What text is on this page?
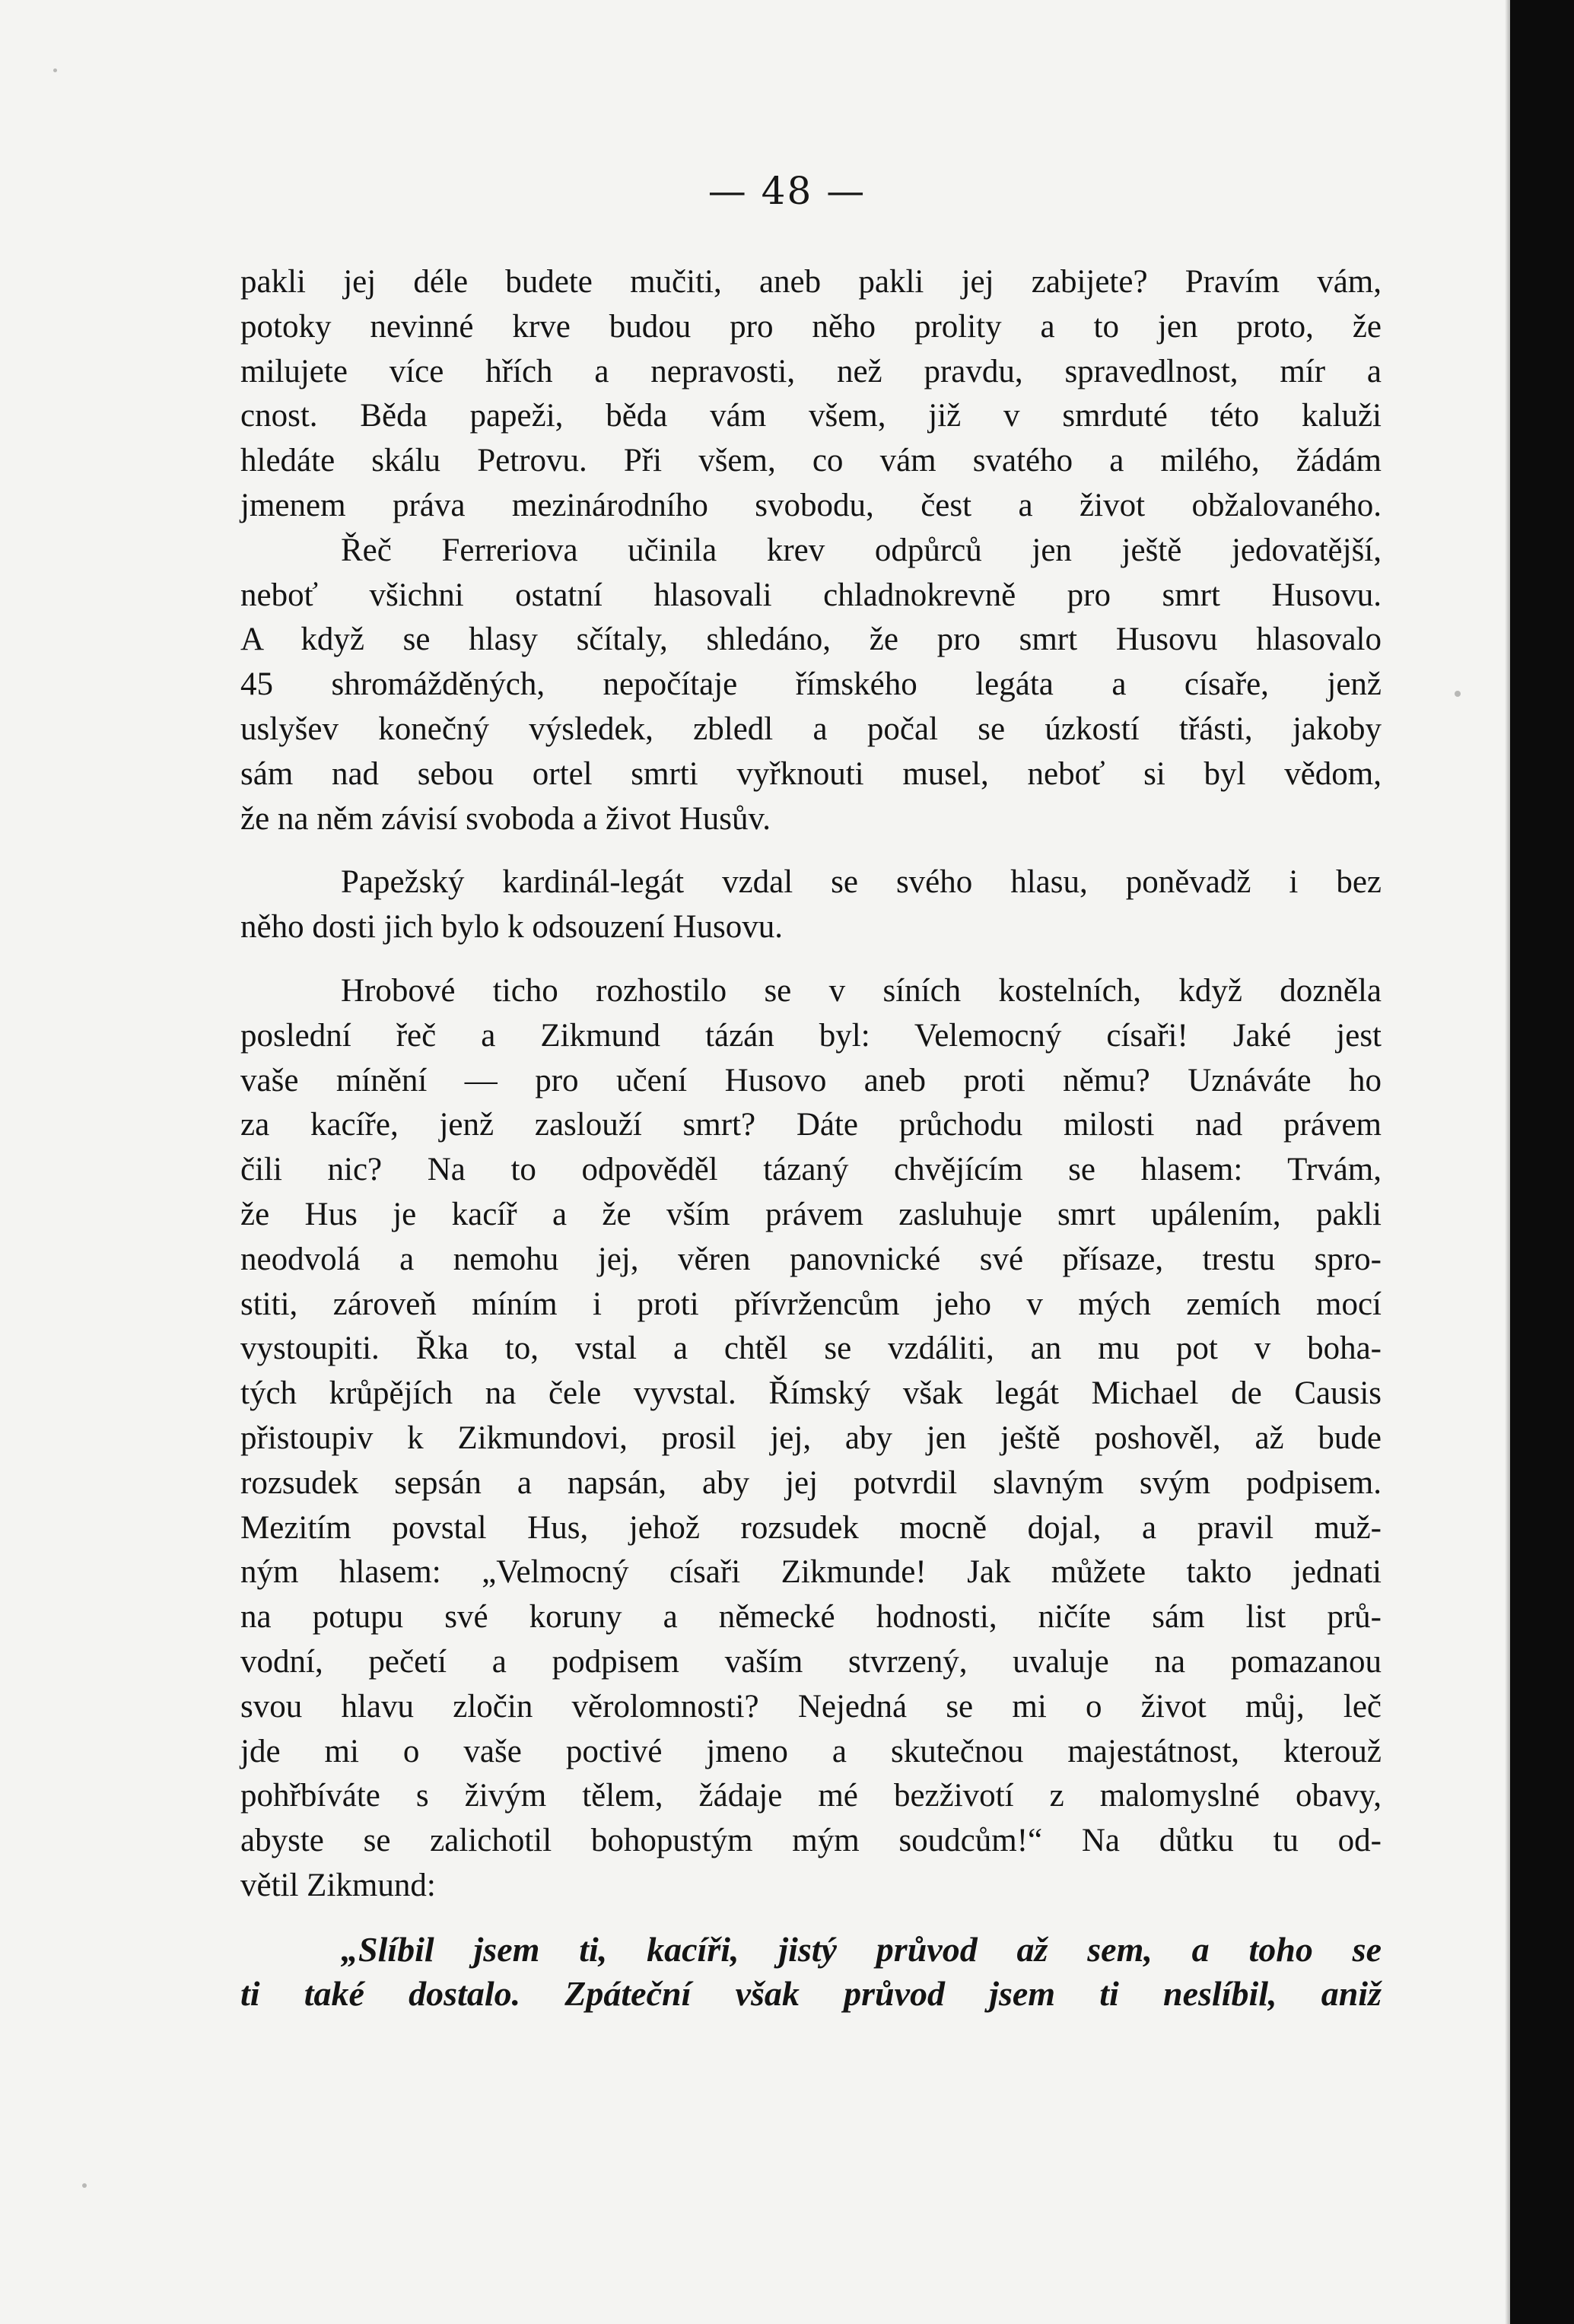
— 48 —
pakli jej déle budete mučiti, aneb pakli jej zabijete? Pravím vám,
potoky nevinné krve budou pro něho prolity a to jen proto, že
milujete více hřích a nepravosti, než pravdu, spravedlnost, mír a
cnost. Běda papeži, běda vám všem, již v smrduté této kaluži
hledáte skálu Petrovu. Při všem, co vám svatého a milého, žádám
jmenem práva mezinárodního svobodu, čest a život obžalovaného.
Řeč Ferreriova učinila krev odpůrců jen ještě jedovatější,
neboť všichni ostatní hlasovali chladnokrevně pro smrt Husovu.
A když se hlasy sčítaly, shledáno, že pro smrt Husovu hlasovalo
45 shromážděných, nepočítaje římského legáta a císaře, jenž
uslyšev konečný výsledek, zbledl a počal se úzkostí třásti, jakoby
sám nad sebou ortel smrti vyřknouti musel, neboť si byl vědom,
že na něm závisí svoboda a život Husův.
Papežský kardinál-legát vzdal se svého hlasu, poněvadž i bez
něho dosti jich bylo k odsouzení Husovu.
Hrobové ticho rozhostilo se v síních kostelních, když dozněla
poslední řeč a Zikmund tázán byl: Velemocný císaři! Jaké jest
vaše mínění — pro učení Husovo aneb proti němu? Uznáváte ho
za kacíře, jenž zaslouží smrt? Dáte průchodu milosti nad právem
čili nic? Na to odpověděl tázaný chvějícím se hlasem: Trvám,
že Hus je kacíř a že vším právem zasluhuje smrt upálením, pakli
neodvolá a nemohu jej, věren panovnické své přísaze, trestu spro-
stiti, zároveň míním i proti přívržencům jeho v mých zemích mocí
vystoupiti. Řka to, vstal a chtěl se vzdáliti, an mu pot v boha-
tých krůpějích na čele vyvstal. Římský však legát Michael de Causis
přistoupiv k Zikmundovi, prosil jej, aby jen ještě poshověl, až bude
rozsudek sepsán a napsán, aby jej potvrdil slavným svým podpisem.
Mezitím povstal Hus, jehož rozsudek mocně dojal, a pravil muž-
ným hlasem: „Velmocný císaři Zikmunde! Jak můžete takto jednati
na potupu své koruny a německé hodnosti, ničíte sám list prů-
vodní, pečetí a podpisem vaším stvrzený, uvaluje na pomazanou
svou hlavu zločin věrolomnosti? Nejedná se mi o život můj, leč
jde mi o vaše poctivé jmeno a skutečnou majestátnost, kterouž
pohřbíváte s živým tělem, žádaje mé bezživotí z malomyslné obavy,
abyste se zalichotil bohopustým mým soudcům!“ Na důtku tu od-
větil Zikmund:
„Slíbil jsem ti, kacíři, jistý průvod až sem, a toho se
ti také dostalo. Zpáteční však průvod jsem ti neslíbil, aniž
